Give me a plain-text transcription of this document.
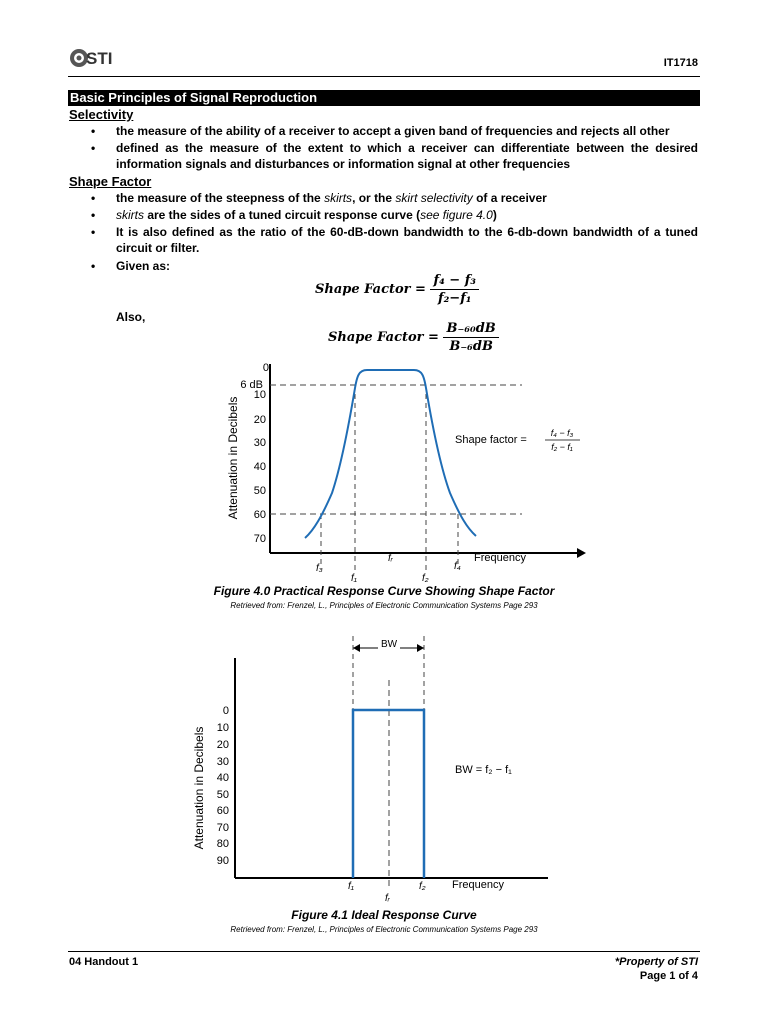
STI	IT1718
Basic Principles of Signal Reproduction
Selectivity
• the measure of the ability of a receiver to accept a given band of frequencies and rejects all other
• defined as the measure of the extent to which a receiver can differentiate between the desired information signals and disturbances or information signal at other frequencies
Shape Factor
• the measure of the steepness of the skirts, or the skirt selectivity of a receiver
• skirts are the sides of a tuned circuit response curve (see figure 4.0)
• It is also defined as the ratio of the 60-dB-down bandwidth to the 6-db-down bandwidth of a tuned circuit or filter.
• Given as:
Shape Factor = $\frac{\text{f₄ − f₃}}{\text{f₂−f₁}}$
Also,
Shape Factor = $\frac{\text{B₋₆₀dB}}{\text{B₋₆dB}}$
0
10
20
30
40
50
60
70
6 dB
f₃
f₁
fᵣ
f₂
f₄
Frequency
Attenuation in Decibels	Shape factor =
f₄ − f₃
f₂ − f₁
Figure 4.0 Practical Response Curve Showing Shape Factor
Retrieved from: Frenzel, L., Principles of Electronic Communication Systems Page 293
0
10
20
30
40
50
60
70
80
90
BW
f₁	f₂
fᵣ
Frequency
Attenuation in Decibels	BW = f₂ − f₁
Figure 4.1 Ideal Response Curve
Retrieved from: Frenzel, L., Principles of Electronic Communication Systems Page 293
04 Handout 1	*Property of STI
Page 1 of 4
